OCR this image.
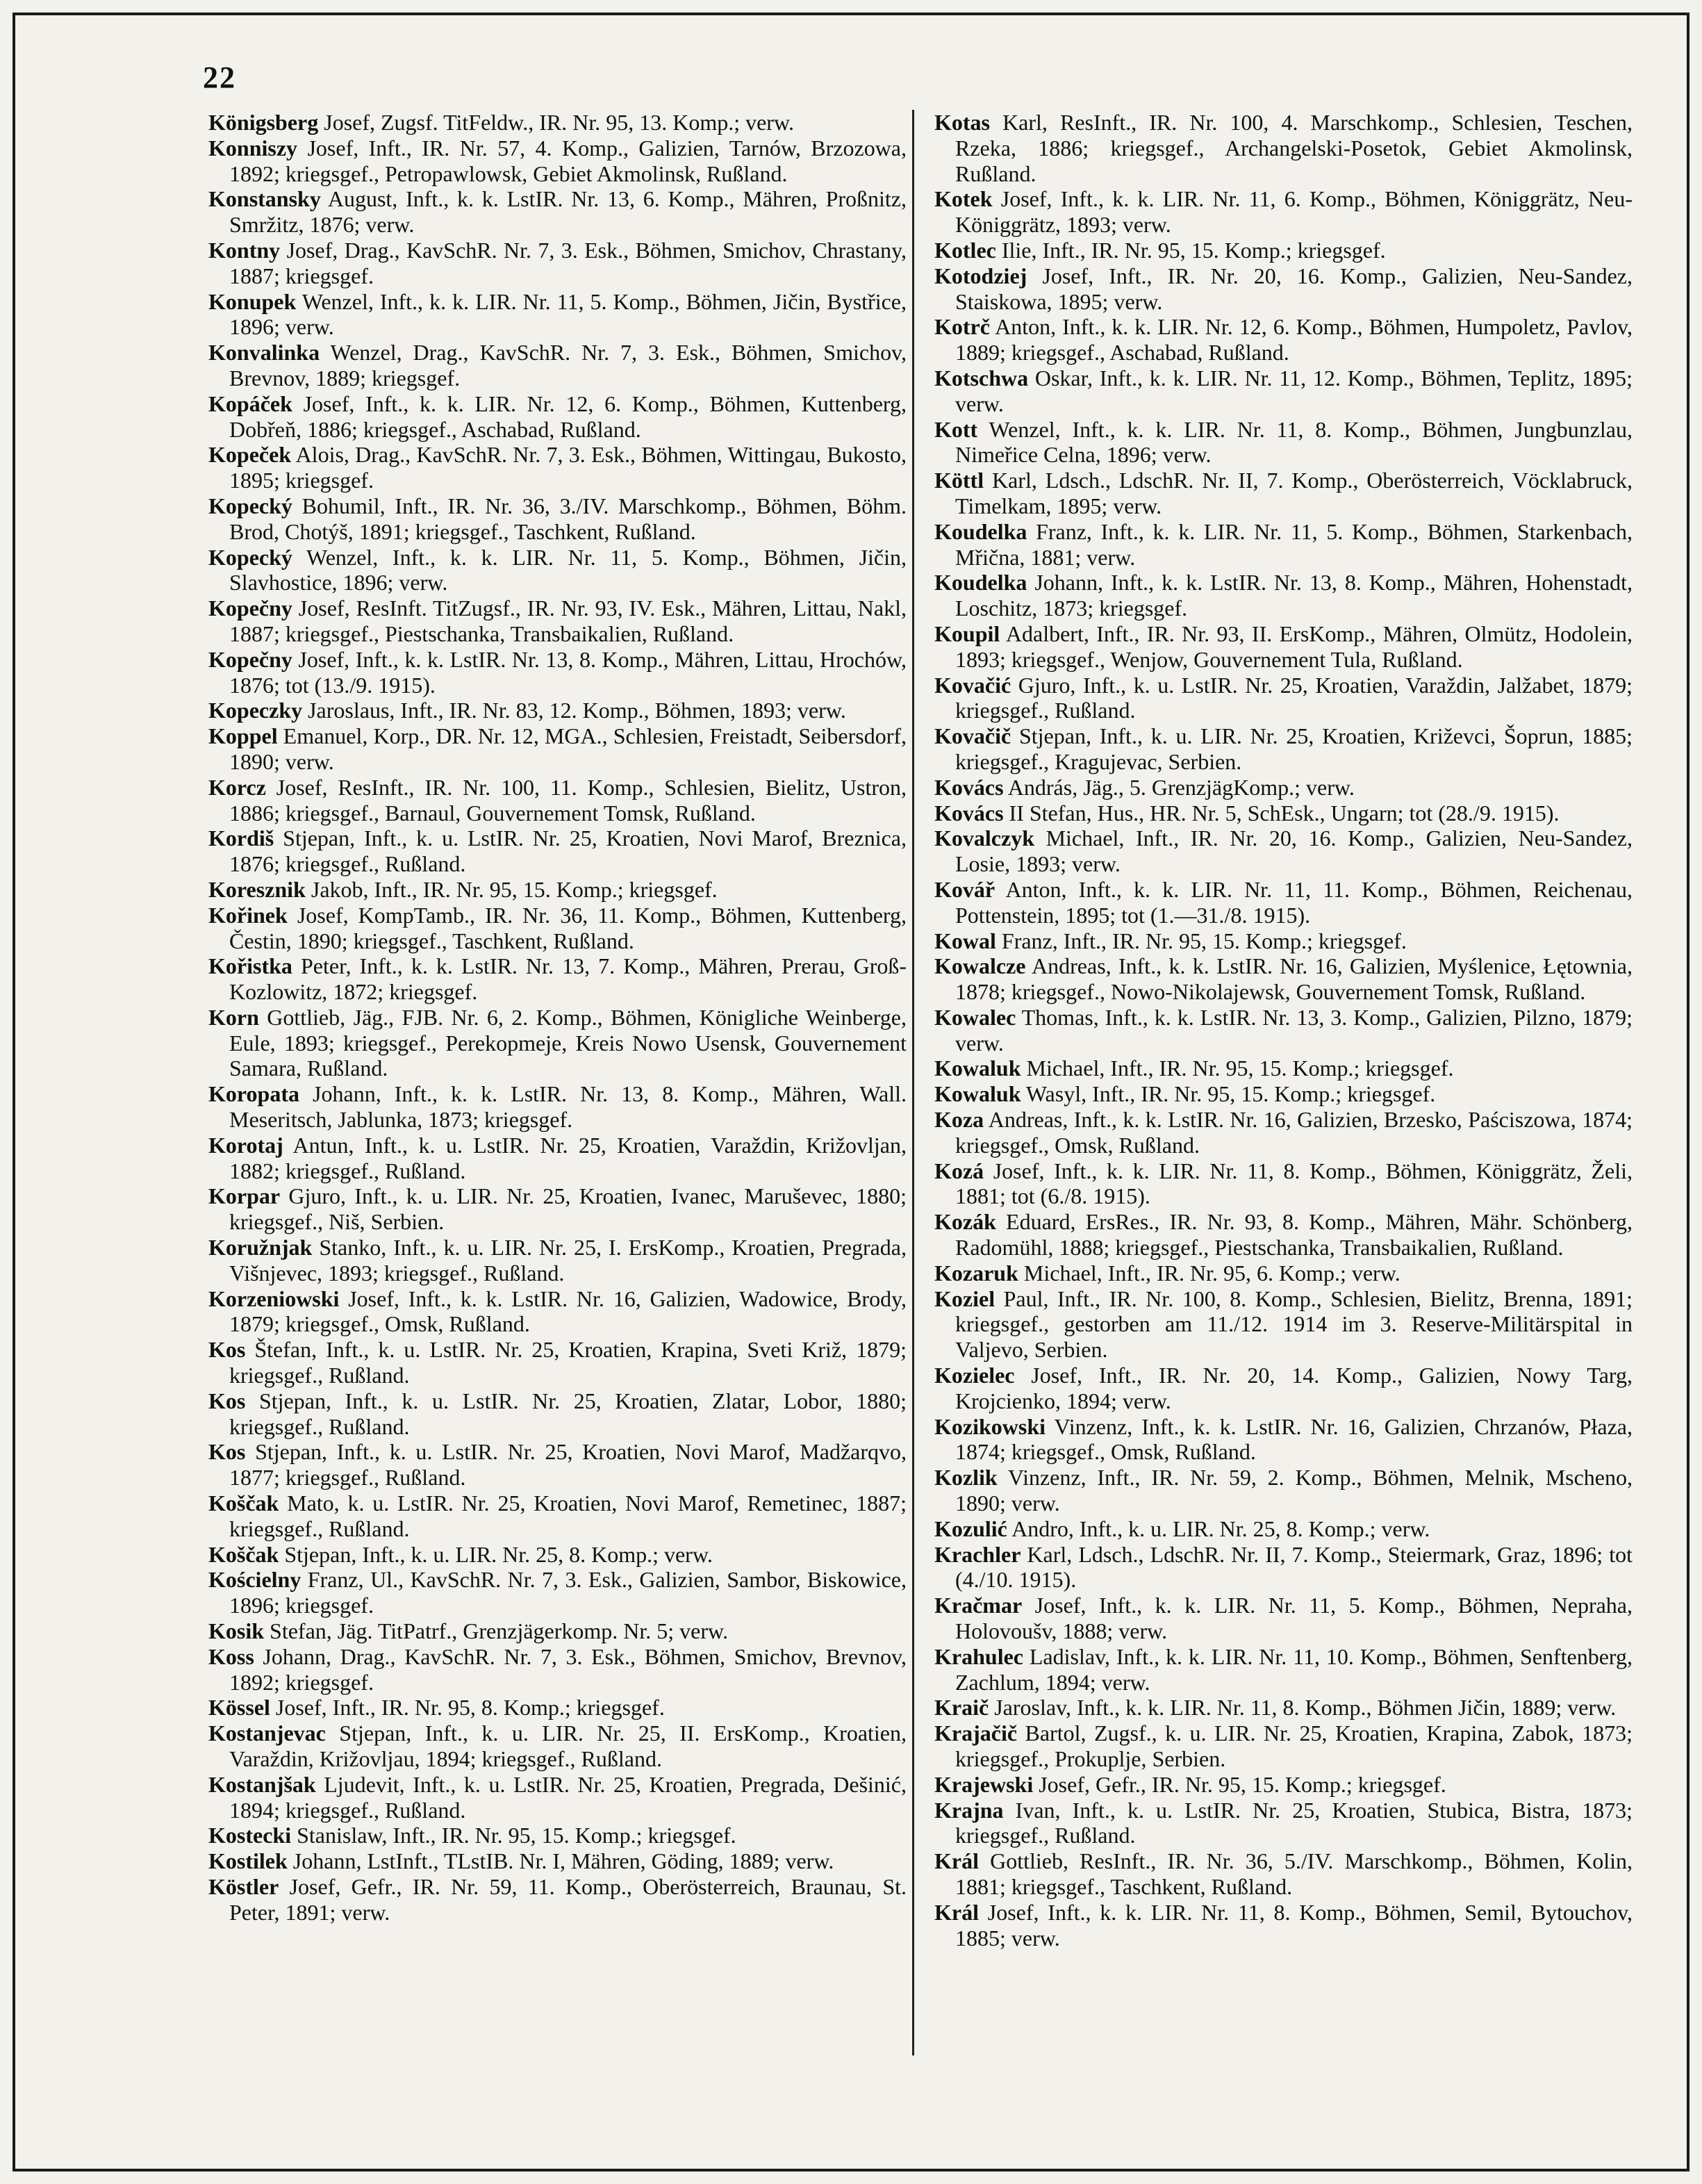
22

Königsberg Josef, Zugsf. TitFeldw., IR. Nr. 95, 13. Komp.; verw.

Konniszy Josef, Inft., IR. Nr. 57, 4. Komp., Galizien, Tarnów, Brzozowa, 1892; kriegsgef., Petropawlowsk, Gebiet Akmolinsk, Rußland.

Konstansky August, Inft., k. k. LstIR. Nr. 13, 6. Komp., Mähren, Proßnitz, Smržitz, 1876; verw.

Kontny Josef, Drag., KavSchR. Nr. 7, 3. Esk., Böhmen, Smichov, Chrastany, 1887; kriegsgef.

Konupek Wenzel, Inft., k. k. LIR. Nr. 11, 5. Komp., Böhmen, Jičin, Bystřice, 1896; verw.

Konvalinka Wenzel, Drag., KavSchR. Nr. 7, 3. Esk., Böhmen, Smichov, Brevnov, 1889; kriegsgef.

Kopáček Josef, Inft., k. k. LIR. Nr. 12, 6. Komp., Böhmen, Kuttenberg, Dobřeň, 1886; kriegsgef., Aschabad, Rußland.

Kopeček Alois, Drag., KavSchR. Nr. 7, 3. Esk., Böhmen, Wittingau, Bukosto, 1895; kriegsgef.

Kopecký Bohumil, Inft., IR. Nr. 36, 3./IV. Marschkomp., Böhmen, Böhm. Brod, Chotýš, 1891; kriegsgef., Taschkent, Rußland.

Kopecký Wenzel, Inft., k. k. LIR. Nr. 11, 5. Komp., Böhmen, Jičin, Slavhostice, 1896; verw.

Kopečny Josef, ResInft. TitZugsf., IR. Nr. 93, IV. Esk., Mähren, Littau, Nakl, 1887; kriegsgef., Piestschanka, Transbaikalien, Rußland.

Kopečny Josef, Inft., k. k. LstIR. Nr. 13, 8. Komp., Mähren, Littau, Hrochów, 1876; tot (13./9. 1915).

Kopeczky Jaroslaus, Inft., IR. Nr. 83, 12. Komp., Böhmen, 1893; verw.

Koppel Emanuel, Korp., DR. Nr. 12, MGA., Schlesien, Freistadt, Seibersdorf, 1890; verw.

Korcz Josef, ResInft., IR. Nr. 100, 11. Komp., Schlesien, Bielitz, Ustron, 1886; kriegsgef., Barnaul, Gouvernement Tomsk, Rußland.

Kordiš Stjepan, Inft., k. u. LstIR. Nr. 25, Kroatien, Novi Marof, Breznica, 1876; kriegsgef., Rußland.

Koresznik Jakob, Inft., IR. Nr. 95, 15. Komp.; kriegsgef.

Kořinek Josef, KompTamb., IR. Nr. 36, 11. Komp., Böhmen, Kuttenberg, Čestin, 1890; kriegsgef., Taschkent, Rußland.

Kořistka Peter, Inft., k. k. LstIR. Nr. 13, 7. Komp., Mähren, Prerau, Groß-Kozlowitz, 1872; kriegsgef.

Korn Gottlieb, Jäg., FJB. Nr. 6, 2. Komp., Böhmen, Königliche Weinberge, Eule, 1893; kriegsgef., Perekopmeje, Kreis Nowo Usensk, Gouvernement Samara, Rußland.

Koropata Johann, Inft., k. k. LstIR. Nr. 13, 8. Komp., Mähren, Wall. Meseritsch, Jablunka, 1873; kriegsgef.

Korotaj Antun, Inft., k. u. LstIR. Nr. 25, Kroatien, Varaždin, Križovljan, 1882; kriegsgef., Rußland.

Korpar Gjuro, Inft., k. u. LIR. Nr. 25, Kroatien, Ivanec, Maruševec, 1880; kriegsgef., Niš, Serbien.

Koružnjak Stanko, Inft., k. u. LIR. Nr. 25, I. ErsKomp., Kroatien, Pregrada, Višnjevec, 1893; kriegsgef., Rußland.

Korzeniowski Josef, Inft., k. k. LstIR. Nr. 16, Galizien, Wadowice, Brody, 1879; kriegsgef., Omsk, Rußland.

Kos Štefan, Inft., k. u. LstIR. Nr. 25, Kroatien, Krapina, Sveti Križ, 1879; kriegsgef., Rußland.

Kos Stjepan, Inft., k. u. LstIR. Nr. 25, Kroatien, Zlatar, Lobor, 1880; kriegsgef., Rußland.

Kos Stjepan, Inft., k. u. LstIR. Nr. 25, Kroatien, Novi Marof, Madžarqvo, 1877; kriegsgef., Rußland.

Koščak Mato, k. u. LstIR. Nr. 25, Kroatien, Novi Marof, Remetinec, 1887; kriegsgef., Rußland.

Koščak Stjepan, Inft., k. u. LIR. Nr. 25, 8. Komp.; verw.

Kościelny Franz, Ul., KavSchR. Nr. 7, 3. Esk., Galizien, Sambor, Biskowice, 1896; kriegsgef.

Kosik Stefan, Jäg. TitPatrf., Grenzjägerkomp. Nr. 5; verw.

Koss Johann, Drag., KavSchR. Nr. 7, 3. Esk., Böhmen, Smichov, Brevnov, 1892; kriegsgef.

Kössel Josef, Inft., IR. Nr. 95, 8. Komp.; kriegsgef.

Kostanjevac Stjepan, Inft., k. u. LIR. Nr. 25, II. ErsKomp., Kroatien, Varaždin, Križovljau, 1894; kriegsgef., Rußland.

Kostanjšak Ljudevit, Inft., k. u. LstIR. Nr. 25, Kroatien, Pregrada, Dešinić, 1894; kriegsgef., Rußland.

Kostecki Stanislaw, Inft., IR. Nr. 95, 15. Komp.; kriegsgef.

Kostilek Johann, LstInft., TLstIB. Nr. I, Mähren, Göding, 1889; verw.

Köstler Josef, Gefr., IR. Nr. 59, 11. Komp., Oberösterreich, Braunau, St. Peter, 1891; verw.

Kotas Karl, ResInft., IR. Nr. 100, 4. Marschkomp., Schlesien, Teschen, Rzeka, 1886; kriegsgef., Archangelski-Posetok, Gebiet Akmolinsk, Rußland.

Kotek Josef, Inft., k. k. LIR. Nr. 11, 6. Komp., Böhmen, Königgrätz, Neu-Königgrätz, 1893; verw.

Kotlec Ilie, Inft., IR. Nr. 95, 15. Komp.; kriegsgef.

Kotodziej Josef, Inft., IR. Nr. 20, 16. Komp., Galizien, Neu-Sandez, Staiskowa, 1895; verw.

Kotrč Anton, Inft., k. k. LIR. Nr. 12, 6. Komp., Böhmen, Humpoletz, Pavlov, 1889; kriegsgef., Aschabad, Rußland.

Kotschwa Oskar, Inft., k. k. LIR. Nr. 11, 12. Komp., Böhmen, Teplitz, 1895; verw.

Kott Wenzel, Inft., k. k. LIR. Nr. 11, 8. Komp., Böhmen, Jungbunzlau, Nimeřice Celna, 1896; verw.

Köttl Karl, Ldsch., LdschR. Nr. II, 7. Komp., Oberösterreich, Vöcklabruck, Timelkam, 1895; verw.

Koudelka Franz, Inft., k. k. LIR. Nr. 11, 5. Komp., Böhmen, Starkenbach, Mřična, 1881; verw.

Koudelka Johann, Inft., k. k. LstIR. Nr. 13, 8. Komp., Mähren, Hohenstadt, Loschitz, 1873; kriegsgef.

Koupil Adalbert, Inft., IR. Nr. 93, II. ErsKomp., Mähren, Olmütz, Hodolein, 1893; kriegsgef., Wenjow, Gouvernement Tula, Rußland.

Kovačić Gjuro, Inft., k. u. LstIR. Nr. 25, Kroatien, Varaždin, Jalžabet, 1879; kriegsgef., Rußland.

Kovačič Stjepan, Inft., k. u. LIR. Nr. 25, Kroatien, Križevci, Šoprun, 1885; kriegsgef., Kragujevac, Serbien.

Kovács András, Jäg., 5. GrenzjägKomp.; verw.

Kovács II Stefan, Hus., HR. Nr. 5, SchEsk., Ungarn; tot (28./9. 1915).

Kovalczyk Michael, Inft., IR. Nr. 20, 16. Komp., Galizien, Neu-Sandez, Losie, 1893; verw.

Kovář Anton, Inft., k. k. LIR. Nr. 11, 11. Komp., Böhmen, Reichenau, Pottenstein, 1895; tot (1.—31./8. 1915).

Kowal Franz, Inft., IR. Nr. 95, 15. Komp.; kriegsgef.

Kowalcze Andreas, Inft., k. k. LstIR. Nr. 16, Galizien, Myślenice, Łętownia, 1878; kriegsgef., Nowo-Nikolajewsk, Gouvernement Tomsk, Rußland.

Kowalec Thomas, Inft., k. k. LstIR. Nr. 13, 3. Komp., Galizien, Pilzno, 1879; verw.

Kowaluk Michael, Inft., IR. Nr. 95, 15. Komp.; kriegsgef.

Kowaluk Wasyl, Inft., IR. Nr. 95, 15. Komp.; kriegsgef.

Koza Andreas, Inft., k. k. LstIR. Nr. 16, Galizien, Brzesko, Paściszowa, 1874; kriegsgef., Omsk, Rußland.

Kozá Josef, Inft., k. k. LIR. Nr. 11, 8. Komp., Böhmen, Königgrätz, Želi, 1881; tot (6./8. 1915).

Kozák Eduard, ErsRes., IR. Nr. 93, 8. Komp., Mähren, Mähr. Schönberg, Radomühl, 1888; kriegsgef., Piestschanka, Transbaikalien, Rußland.

Kozaruk Michael, Inft., IR. Nr. 95, 6. Komp.; verw.

Koziel Paul, Inft., IR. Nr. 100, 8. Komp., Schlesien, Bielitz, Brenna, 1891; kriegsgef., gestorben am 11./12. 1914 im 3. Reserve-Militärspital in Valjevo, Serbien.

Kozielec Josef, Inft., IR. Nr. 20, 14. Komp., Galizien, Nowy Targ, Krojcienko, 1894; verw.

Kozikowski Vinzenz, Inft., k. k. LstIR. Nr. 16, Galizien, Chrzanów, Płaza, 1874; kriegsgef., Omsk, Rußland.

Kozlik Vinzenz, Inft., IR. Nr. 59, 2. Komp., Böhmen, Melnik, Mscheno, 1890; verw.

Kozulić Andro, Inft., k. u. LIR. Nr. 25, 8. Komp.; verw.

Krachler Karl, Ldsch., LdschR. Nr. II, 7. Komp., Steiermark, Graz, 1896; tot (4./10. 1915).

Kračmar Josef, Inft., k. k. LIR. Nr. 11, 5. Komp., Böhmen, Nepraha, Holovoušv, 1888; verw.

Krahulec Ladislav, Inft., k. k. LIR. Nr. 11, 10. Komp., Böhmen, Senftenberg, Zachlum, 1894; verw.

Kraič Jaroslav, Inft., k. k. LIR. Nr. 11, 8. Komp., Böhmen Jičin, 1889; verw.

Krajačič Bartol, Zugsf., k. u. LIR. Nr. 25, Kroatien, Krapina, Zabok, 1873; kriegsgef., Prokuplje, Serbien.

Krajewski Josef, Gefr., IR. Nr. 95, 15. Komp.; kriegsgef.

Krajna Ivan, Inft., k. u. LstIR. Nr. 25, Kroatien, Stubica, Bistra, 1873; kriegsgef., Rußland.

Král Gottlieb, ResInft., IR. Nr. 36, 5./IV. Marschkomp., Böhmen, Kolin, 1881; kriegsgef., Taschkent, Rußland.

Král Josef, Inft., k. k. LIR. Nr. 11, 8. Komp., Böhmen, Semil, Bytouchov, 1885; verw.
